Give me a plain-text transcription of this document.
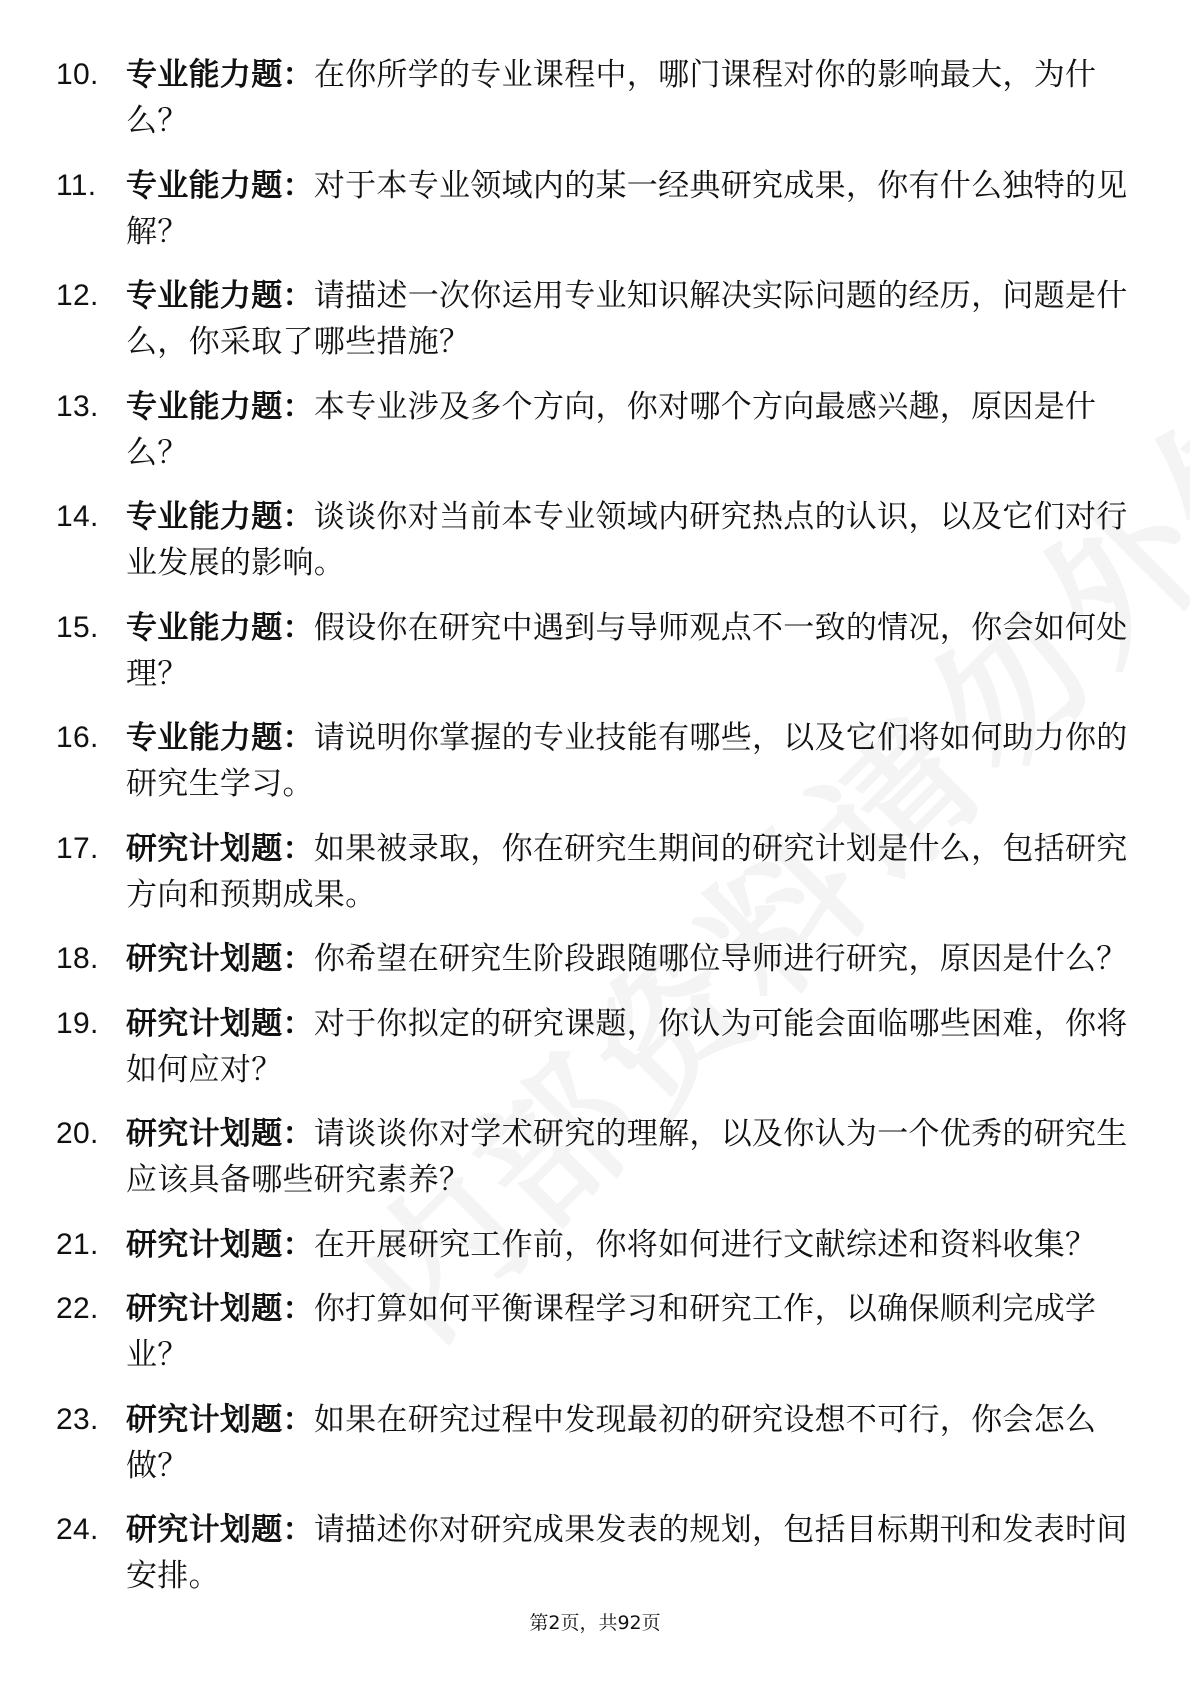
10. 专业能力题：在你所学的专业课程中，哪门课程对你的影响最大，为什么？
11. 专业能力题：对于本专业领域内的某一经典研究成果，你有什么独特的见解？
12. 专业能力题：请描述一次你运用专业知识解决实际问题的经历，问题是什么，你采取了哪些措施？
13. 专业能力题：本专业涉及多个方向，你对哪个方向最感兴趣，原因是什么？
14. 专业能力题：谈谈你对当前本专业领域内研究热点的认识，以及它们对行业发展的影响。
15. 专业能力题：假设你在研究中遇到与导师观点不一致的情况，你会如何处理？
16. 专业能力题：请说明你掌握的专业技能有哪些，以及它们将如何助力你的研究生学习。
17. 研究计划题：如果被录取，你在研究生期间的研究计划是什么，包括研究方向和预期成果。
18. 研究计划题：你希望在研究生阶段跟随哪位导师进行研究，原因是什么？
19. 研究计划题：对于你拟定的研究课题，你认为可能会面临哪些困难，你将如何应对？
20. 研究计划题：请谈谈你对学术研究的理解，以及你认为一个优秀的研究生应该具备哪些研究素养？
21. 研究计划题：在开展研究工作前，你将如何进行文献综述和资料收集？
22. 研究计划题：你打算如何平衡课程学习和研究工作，以确保顺利完成学业？
23. 研究计划题：如果在研究过程中发现最初的研究设想不可行，你会怎么做？
24. 研究计划题：请描述你对研究成果发表的规划，包括目标期刊和发表时间安排。
第2页，共92页
